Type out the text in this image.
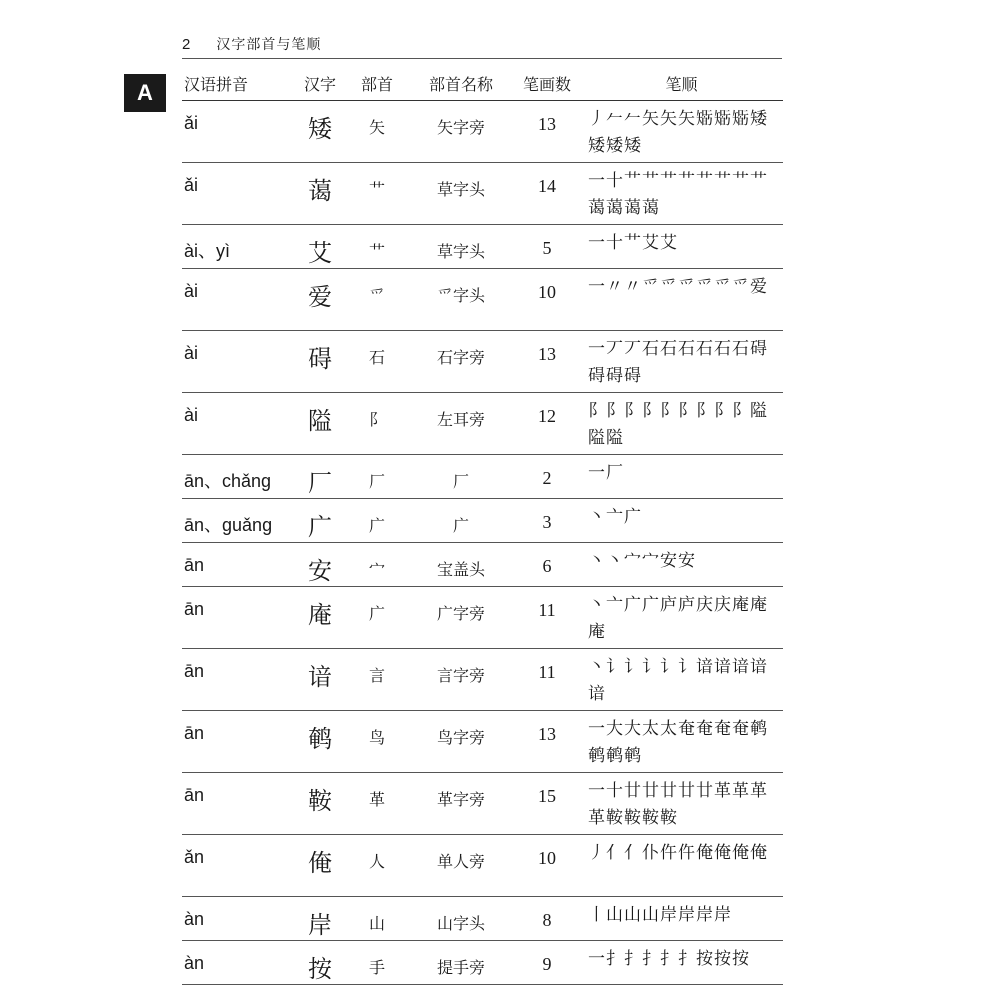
2 汉字部首与笔顺
A	汉语拼音	汉字	部首	部首名称	笔画数	笔顺
ǎi	矮	矢	矢字旁	13	丿𠂉𠂉矢矢矢𥏼𥏼𥏼矮矮矮矮
ǎi	蔼	艹	草字头	14	一十艹艹艹艹艹艹艹艹蔼蔼蔼蔼
ài、yì	艾	艹	草字头	5	一十艹艾艾
ài	爱	爫	爫字头	10	一〃〃爫爫爫爫爫爫爱
ài	碍	石	石字旁	13	一丆丆石石石石石石碍碍碍碍
ài	隘	阝	左耳旁	12	阝阝阝阝阝阝阝阝阝隘隘隘
ān、chǎng	厂	厂	厂	2	一厂
ān、guǎng	广	广	广	3	丶亠广
ān	安	宀	宝盖头	6	丶丶宀宀安安
ān	庵	广	广字旁	11	丶亠广广庐庐庆庆庵庵庵
ān	谙	言	言字旁	11	丶讠讠讠讠讠谙谙谙谙谙
ān	鹌	鸟	鸟字旁	13	一大大太太奄奄奄奄鹌鹌鹌鹌
ān	鞍	革	革字旁	15	一十廿廿廿廿廿革革革革鞍鞍鞍鞍
ǎn	俺	人	单人旁	10	丿亻亻仆仵仵俺俺俺俺
àn	岸	山	山字头	8	丨山山山岸岸岸岸
àn	按	手	提手旁	9	一扌扌扌扌扌按按按
